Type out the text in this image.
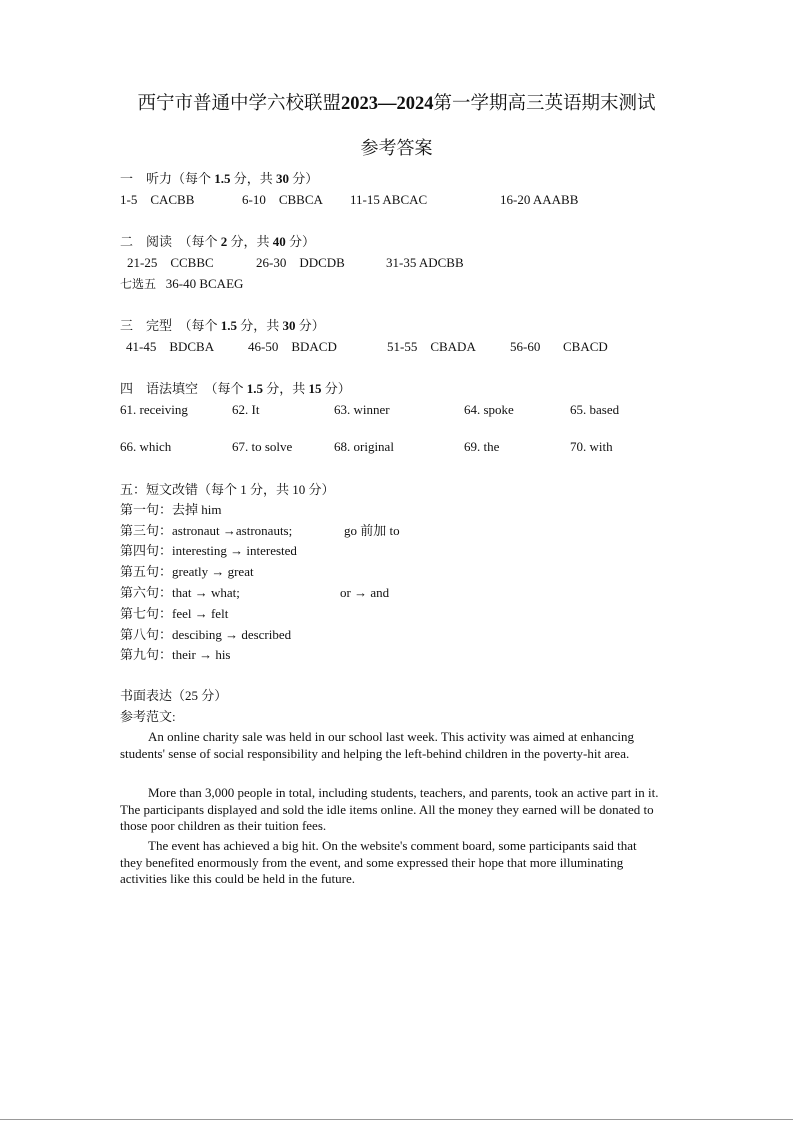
西宁市普通中学六校联盟2023—2024第一学期高三英语期末测试
参考答案
一　听力（每个 1.5 分，共 30 分）
1-5　CACBB	6-10　CBBCA 11-15 ABCAC	16-20 AAABB
二　阅读　（每个 2 分，共 40 分）
21-25　CCBBC	26-30　DDCDB	31-35 ADCBB
七选五 36-40 BCAEG
三　完型　（每个 1.5 分，共 30 分）
41-45　BDCBA	46-50　BDACD	51-55　CBADA	56-60 CBACD
四　语法填空　（每个 1.5 分，共 15 分）
61. receiving	62. It	63. winner	64. spoke	65. based
66. which	67. to solve	68. original	69. the	70. with
五：短文改错（每个 1 分，共 10 分）
第一句：去掉 him
第三句：astronaut →astronauts;	go 前加 to
第四句：interesting → interested
第五句：greatly → great
第六句：that → what;	or → and
第七句：feel → felt
第八句：descibing → described
第九句：their → his
书面表达（25 分）
参考范文:
An online charity sale was held in our school last week. This activity was aimed at enhancing students' sense of social responsibility and helping the left-behind children in the poverty-hit area.
More than 3,000 people in total, including students, teachers, and parents, took an active part in it. The participants displayed and sold the idle items online. All the money they earned will be donated to those poor children as their tuition fees.
The event has achieved a big hit. On the website's comment board, some participants said that they benefited enormously from the event, and some expressed their hope that more illuminating activities like this could be held in the future.
